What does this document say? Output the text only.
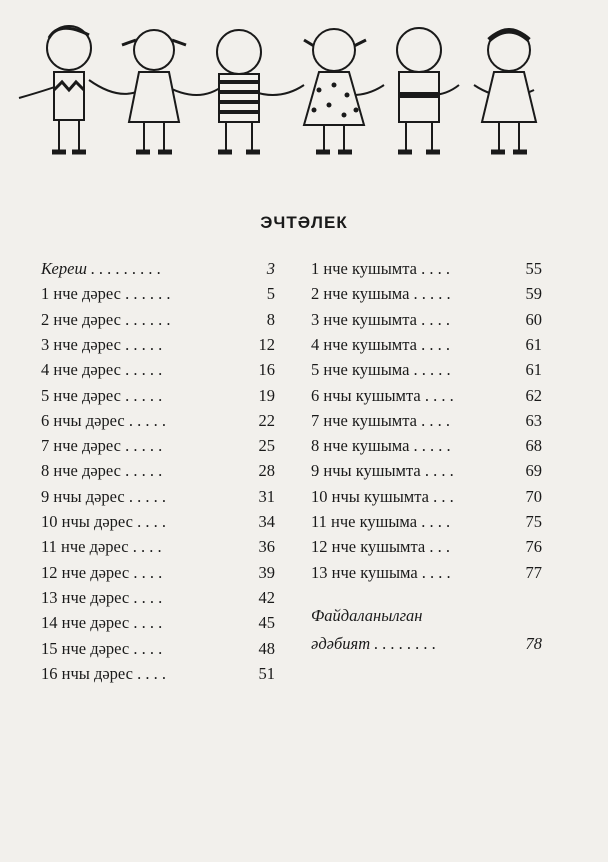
ЭЧТӘЛЕК
Кереш . . . . . . . . .	3
1 нче дәрес . . . . . .	5
2 нче дәрес . . . . . .	8
3 нче дәрес . . . . .	12
4 нче дәрес . . . . .	16
5 нче дәрес . . . . .	19
6 нчы дәрес . . . . .	22
7 нче дәрес . . . . .	25
8 нче дәрес . . . . .	28
9 нчы дәрес . . . . .	31
10 нчы дәрес . . . .	34
11 нче дәрес . . . .	36
12 нче дәрес . . . .	39
13 нче дәрес . . . .	42
14 нче дәрес . . . .	45
15 нче дәрес . . . .	48
16 нчы дәрес . . . .	51
1 нче кушымта . . . .	55
2 нче кушыма . . . . .	59
3 нче кушымта . . . .	60
4 нче кушымта . . . .	61
5 нче кушыма . . . . .	61
6 нчы кушымта . . . .	62
7 нче кушымта . . . .	63
8 нче кушыма . . . . .	68
9 нчы кушымта . . . .	69
10 нчы кушымта . . .	70
11 нче кушыма . . . .	75
12 нче кушымта . . .	76
13 нче кушыма . . . .	77
Файдаланылган
әдәбият . . . . . . . .	78
